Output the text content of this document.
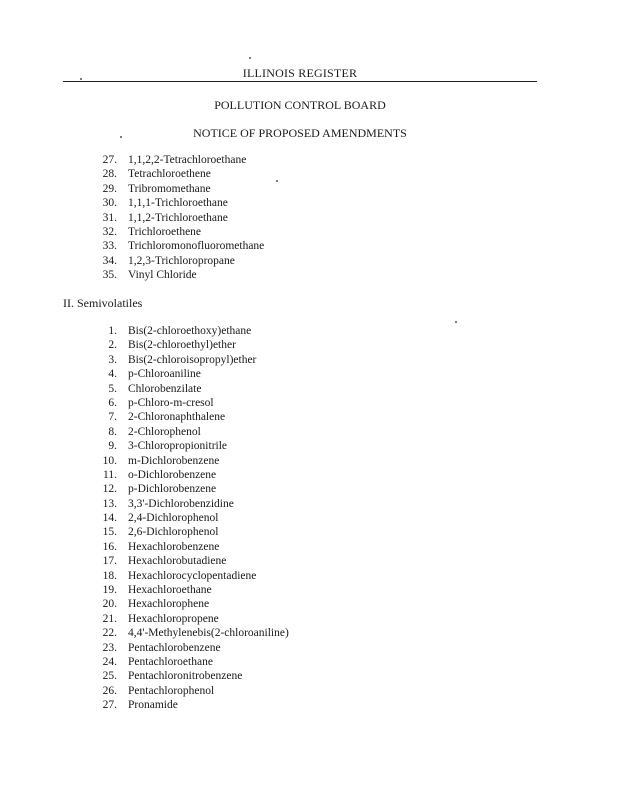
ILLINOIS REGISTER
POLLUTION CONTROL BOARD
NOTICE OF PROPOSED AMENDMENTS
27. 1,1,2,2-Tetrachloroethane
28. Tetrachloroethene
29. Tribromomethane
30. 1,1,1-Trichloroethane
31. 1,1,2-Trichloroethane
32. Trichloroethene
33. Trichloromonofluoromethane
34. 1,2,3-Trichloropropane
35. Vinyl Chloride
II. Semivolatiles
1. Bis(2-chloroethoxy)ethane
2. Bis(2-chloroethyl)ether
3. Bis(2-chloroisopropyl)ether
4. p-Chloroaniline
5. Chlorobenzilate
6. p-Chloro-m-cresol
7. 2-Chloronaphthalene
8. 2-Chlorophenol
9. 3-Chloropropionitrile
10. m-Dichlorobenzene
11. o-Dichlorobenzene
12. p-Dichlorobenzene
13. 3,3'-Dichlorobenzidine
14. 2,4-Dichlorophenol
15. 2,6-Dichlorophenol
16. Hexachlorobenzene
17. Hexachlorobutadiene
18. Hexachlorocyclopentadiene
19. Hexachloroethane
20. Hexachlorophene
21. Hexachloropropene
22. 4,4'-Methylenebis(2-chloroaniline)
23. Pentachlorobenzene
24. Pentachloroethane
25. Pentachloronitrobenzene
26. Pentachlorophenol
27. Pronamide
